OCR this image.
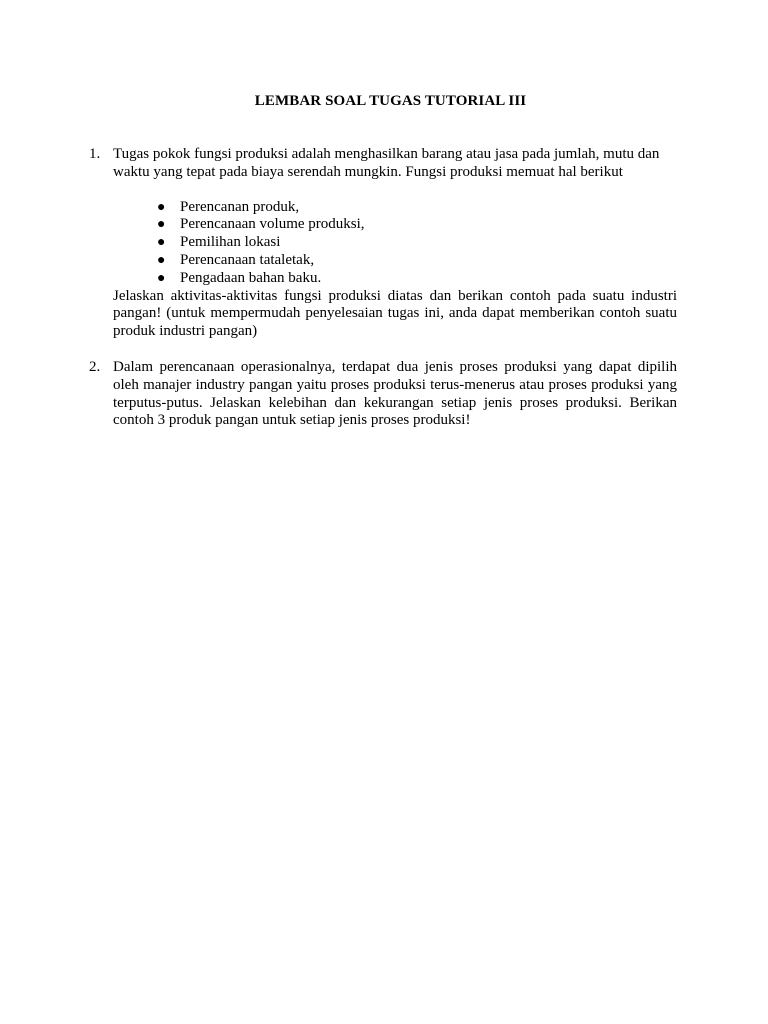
LEMBAR SOAL TUGAS TUTORIAL III
1. Tugas pokok fungsi produksi adalah menghasilkan barang atau jasa pada jumlah, mutu dan waktu yang tepat pada biaya serendah mungkin. Fungsi produksi memuat hal berikut
● Perencanan produk,
● Perencanaan volume produksi,
● Pemilihan lokasi
● Perencanaan tataletak,
● Pengadaan bahan baku.
Jelaskan aktivitas-aktivitas fungsi produksi diatas dan berikan contoh pada suatu industri pangan! (untuk mempermudah penyelesaian tugas ini, anda dapat memberikan contoh suatu produk industri pangan)
2. Dalam perencanaan operasionalnya, terdapat dua jenis proses produksi yang dapat dipilih oleh manajer industry pangan yaitu proses produksi terus-menerus atau proses produksi yang terputus-putus. Jelaskan kelebihan dan kekurangan setiap jenis proses produksi. Berikan contoh 3 produk pangan untuk setiap jenis proses produksi!
